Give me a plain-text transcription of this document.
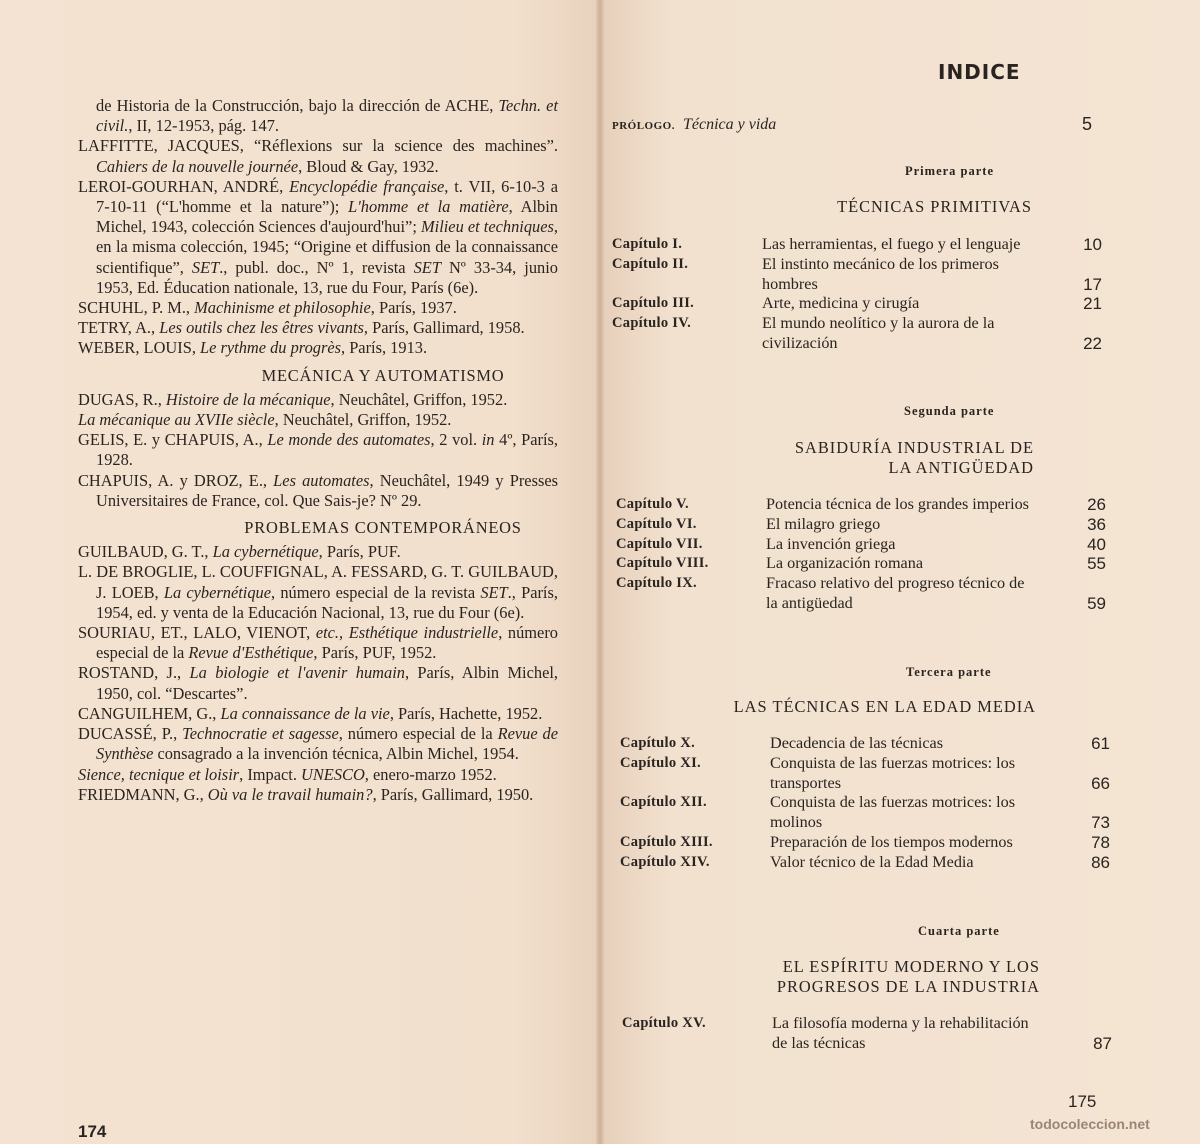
de Historia de la Construcción, bajo la dirección de ACHE, Techn. et civil., II, 12-1953, pág. 147.
LAFFITTE, JACQUES, “Réflexions sur la science des machines”. Cahiers de la nouvelle journée, Bloud & Gay, 1932.
LEROI-GOURHAN, ANDRÉ, Encyclopédie française, t. VII, 6-10-3 a 7-10-11 (“L'homme et la nature”); L'homme et la matière, Albin Michel, 1943, colección Sciences d'aujourd'hui”; Milieu et techniques, en la misma colección, 1945; “Origine et diffusion de la connaissance scientifique”, SET., publ. doc., Nº 1, revista SET Nº 33-34, junio 1953, Ed. Éducation nationale, 13, rue du Four, París (6e).
SCHUHL, P. M., Machinisme et philosophie, París, 1937.
TETRY, A., Les outils chez les êtres vivants, París, Gallimard, 1958.
WEBER, LOUIS, Le rythme du progrès, París, 1913.
MECÁNICA Y AUTOMATISMO
DUGAS, R., Histoire de la mécanique, Neuchâtel, Griffon, 1952.
La mécanique au XVIIe siècle, Neuchâtel, Griffon, 1952.
GELIS, E. y CHAPUIS, A., Le monde des automates, 2 vol. in 4º, París, 1928.
CHAPUIS, A. y DROZ, E., Les automates, Neuchâtel, 1949 y Presses Universitaires de France, col. Que Sais-je? Nº 29.
PROBLEMAS CONTEMPORÁNEOS
GUILBAUD, G. T., La cybernétique, París, PUF.
L. DE BROGLIE, L. COUFFIGNAL, A. FESSARD, G. T. GUILBAUD, J. LOEB, La cybernétique, número especial de la revista SET., París, 1954, ed. y venta de la Educación Nacional, 13, rue du Four (6e).
SOURIAU, ET., LALO, VIENOT, etc., Esthétique industrielle, número especial de la Revue d'Esthétique, París, PUF, 1952.
ROSTAND, J., La biologie et l'avenir humain, París, Albin Michel, 1950, col. “Descartes”.
CANGUILHEM, G., La connaissance de la vie, París, Hachette, 1952.
DUCASSÉ, P., Technocratie et sagesse, número especial de la Revue de Synthèse consagrado a la invención técnica, Albin Michel, 1954.
Sience, tecnique et loisir, Impact. UNESCO, enero-marzo 1952.
FRIEDMANN, G., Où va le travail humain?, París, Gallimard, 1950.
174
INDICE
PRÓLOGO. Técnica y vida	5
Primera parte
TÉCNICAS PRIMITIVAS
Capítulo I.	Las herramientas, el fuego y el lenguaje	10
Capítulo II.	El instinto mecánico de los primeros hombres	17
Capítulo III.	Arte, medicina y cirugía	21
Capítulo IV.	El mundo neolítico y la aurora de la civilización	22
Segunda parte
SABIDURÍA INDUSTRIAL DE
LA ANTIGÜEDAD
Capítulo V.	Potencia técnica de los grandes imperios	26
Capítulo VI.	El milagro griego	36
Capítulo VII.	La invención griega	40
Capítulo VIII.	La organización romana	55
Capítulo IX.	Fracaso relativo del progreso técnico de la antigüedad	59
Tercera parte
LAS TÉCNICAS EN LA EDAD MEDIA
Capítulo X.	Decadencia de las técnicas	61
Capítulo XI.	Conquista de las fuerzas motrices: los transportes	66
Capítulo XII.	Conquista de las fuerzas motrices: los molinos	73
Capítulo XIII.	Preparación de los tiempos modernos	78
Capítulo XIV.	Valor técnico de la Edad Media	86
Cuarta parte
EL ESPÍRITU MODERNO Y LOS
PROGRESOS DE LA INDUSTRIA
Capítulo XV.	La filosofía moderna y la rehabilitación de las técnicas	87
175
todocoleccion.net
